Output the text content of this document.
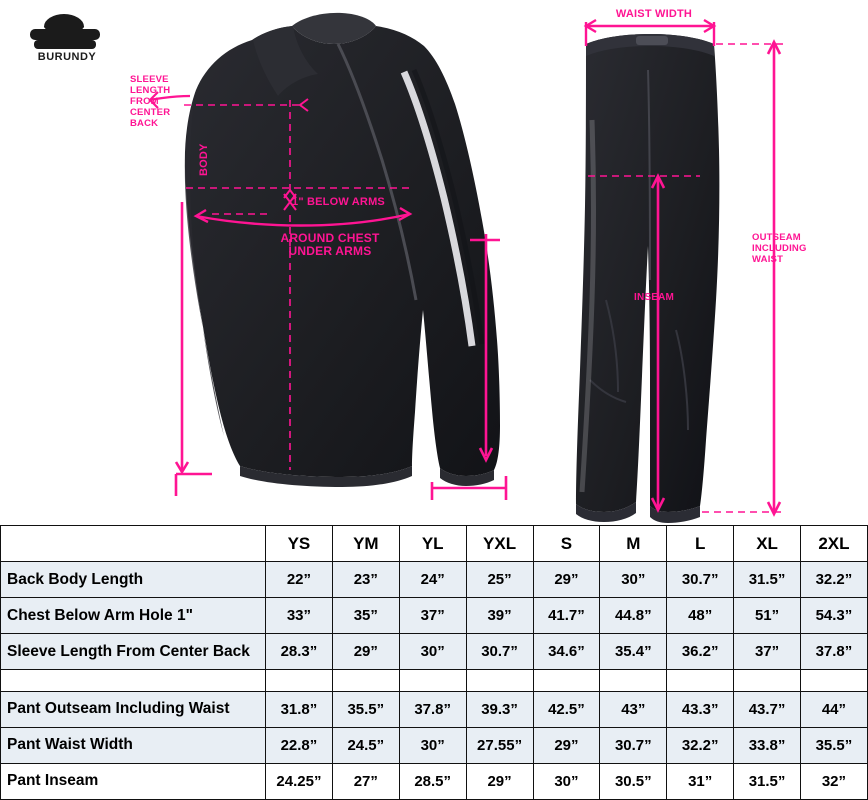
BURUNDY
SLEEVE
LENGTH
FROM
CENTER
BACK
BODY
1" BELOW ARMS
AROUND CHEST
UNDER ARMS
WAIST WIDTH
OUTSEAM
INCLUDING
WAIST
INSEAM
	YS	YM	YL	YXL	S	M	L	XL	2XL
Back Body Length	22”	23”	24”	25”	29”	30”	30.7”	31.5”	32.2”
Chest Below Arm Hole 1"	33”	35”	37”	39”	41.7”	44.8”	48”	51”	54.3”
Sleeve Length From Center Back	28.3”	29”	30”	30.7”	34.6”	35.4”	36.2”	37”	37.8”

Pant Outseam Including Waist	31.8”	35.5”	37.8”	39.3”	42.5”	43”	43.3”	43.7”	44”
Pant Waist Width	22.8”	24.5”	30”	27.55”	29”	30.7”	32.2”	33.8”	35.5”
Pant Inseam	24.25”	27”	28.5”	29”	30”	30.5”	31”	31.5”	32”
